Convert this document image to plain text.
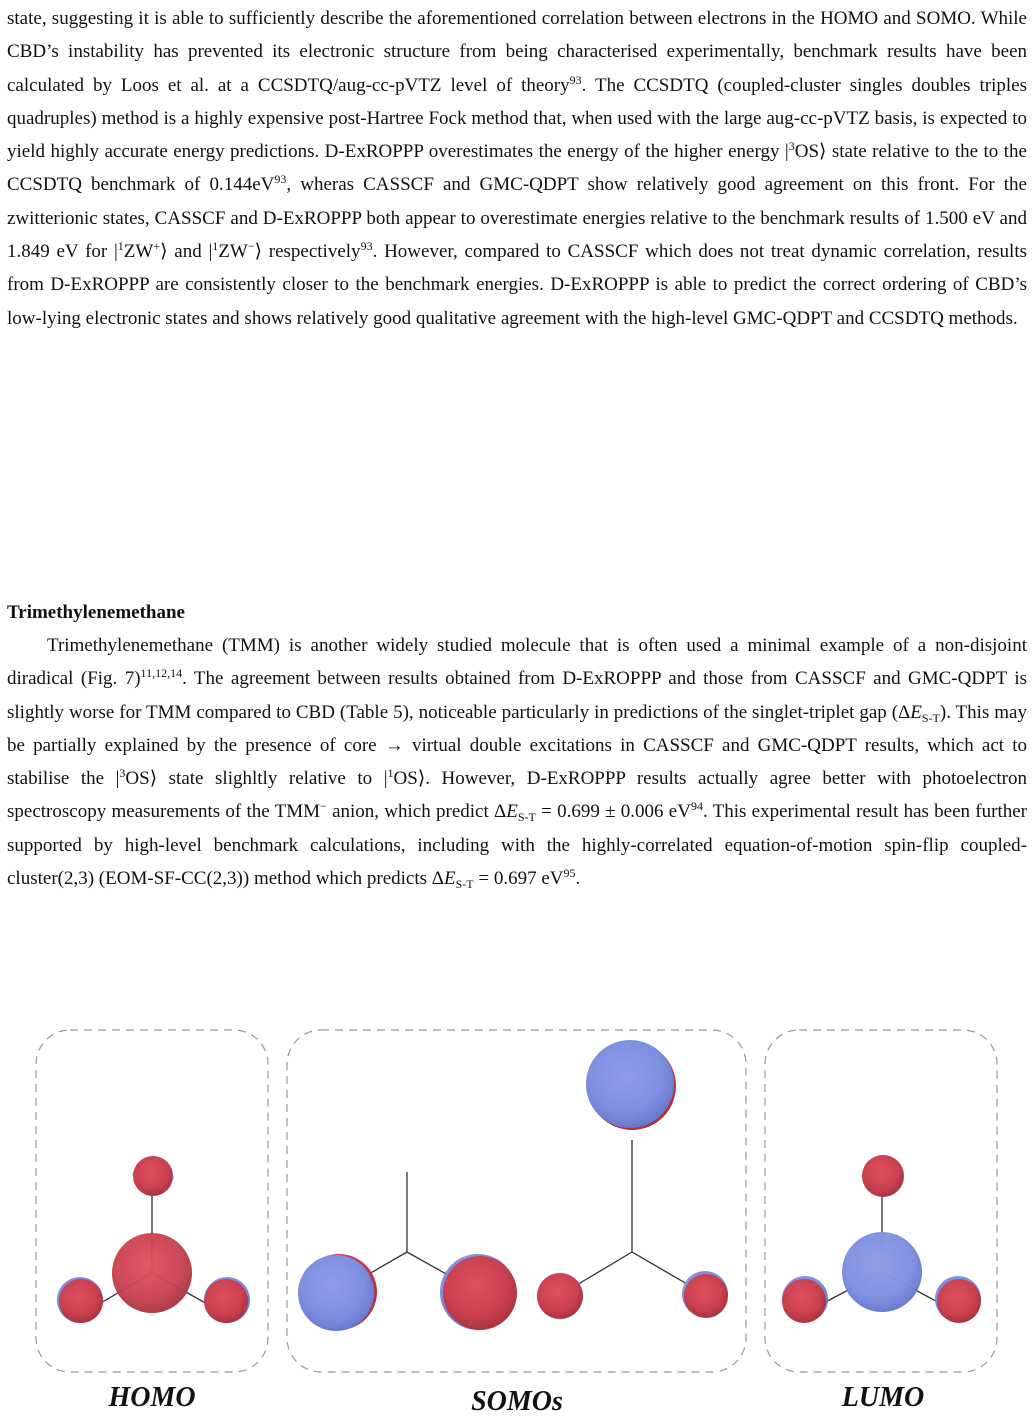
state, suggesting it is able to sufficiently describe the aforementioned correlation between electrons in the HOMO and SOMO. While CBD’s instability has prevented its electronic structure from being characterised experimentally, benchmark results have been calculated by Loos et al. at a CCSDTQ/aug-cc-pVTZ level of theory$^{93}$. The CCSDTQ (coupled-cluster singles doubles triples quadruples) method is a highly expensive post-Hartree Fock method that, when used with the large aug-cc-pVTZ basis, is expected to yield highly accurate energy predictions. D-ExROPPP overestimates the energy of the higher energy $|^3OS⟩$ state relative to the to the CCSDTQ benchmark of $0.144eV^{93}$, wheras CASSCF and GMC-QDPT show relatively good agreement on this front. For the zwitterionic states, CASSCF and D-ExROPPP both appear to overestimate energies relative to the benchmark results of 1.500 eV and 1.849 eV for $|^1ZW^+⟩$ and $|^1ZW^-⟩$ respectively$^{93}$. However, compared to CASSCF which does not treat dynamic correlation, results from D-ExROPPP are consistently closer to the benchmark energies. D-ExROPPP is able to predict the correct ordering of CBD’s low-lying electronic states and shows relatively good qualitative agreement with the high-level GMC-QDPT and CCSDTQ methods.

Trimethylenemethane

Trimethylenemethane (TMM) is another widely studied molecule that is often used a minimal example of a non-disjoint diradical (Fig. 7)$^{11,12,14}$. The agreement between results obtained from D-ExROPPP and those from CASSCF and GMC-QDPT is slightly worse for TMM compared to CBD (Table 5), noticeable particularly in predictions of the singlet-triplet gap $(\Delta E_{S-T})$. This may be partially explained by the presence of core → virtual double excitations in CASSCF and GMC-QDPT results, which act to stabilise the $|^3OS⟩$ state slighltly relative to $|^1OS⟩$. However, D-ExROPPP results actually agree better with photoelectron spectroscopy measurements of the TMM− anion, which predict $\Delta E_{S-T} = 0.699 \pm 0.006$ $eV^{94}$. This experimental result has been further supported by high-level benchmark calculations, including with the highly-correlated equation-of-motion spin-flip coupled-cluster(2,3) (EOM-SF-CC(2,3)) method which predicts $\Delta E_{S-T} = 0.697$ $eV^{95}$.

HOMO	SOMOs	LUMO
